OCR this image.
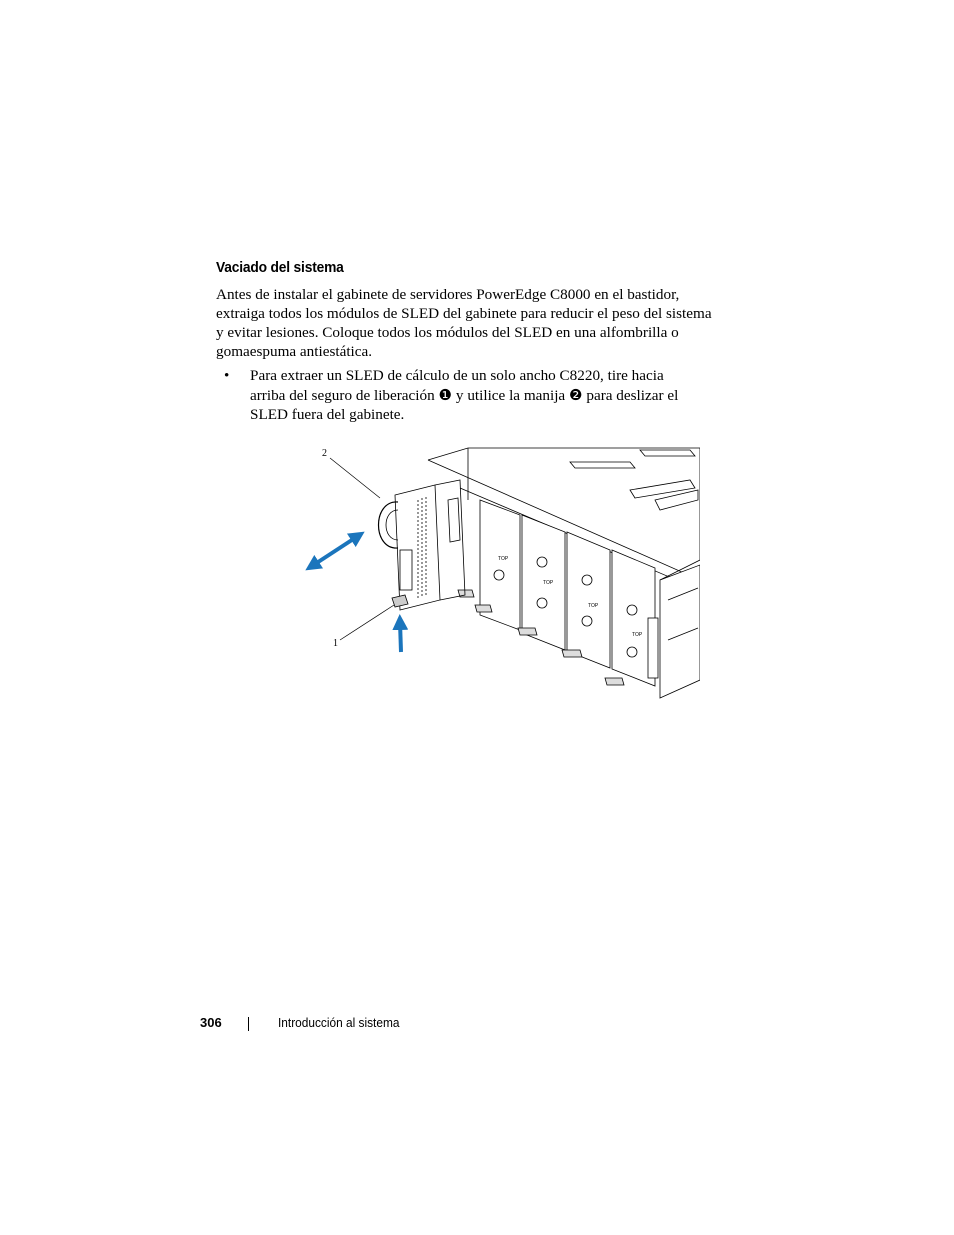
Vaciado del sistema

Antes de instalar el gabinete de servidores PowerEdge C8000 en el bastidor, extraiga todos los módulos de SLED del gabinete para reducir el peso del sistema y evitar lesiones. Coloque todos los módulos del SLED en una alfombrilla o gomaespuma antiestática.

• Para extraer un SLED de cálculo de un solo ancho C8220, tire hacia arriba del seguro de liberación ❶ y utilice la manija ❷ para deslizar el SLED fuera del gabinete.

TOP
TOP
TOP
TOP
2
1
306	Introducción al sistema
